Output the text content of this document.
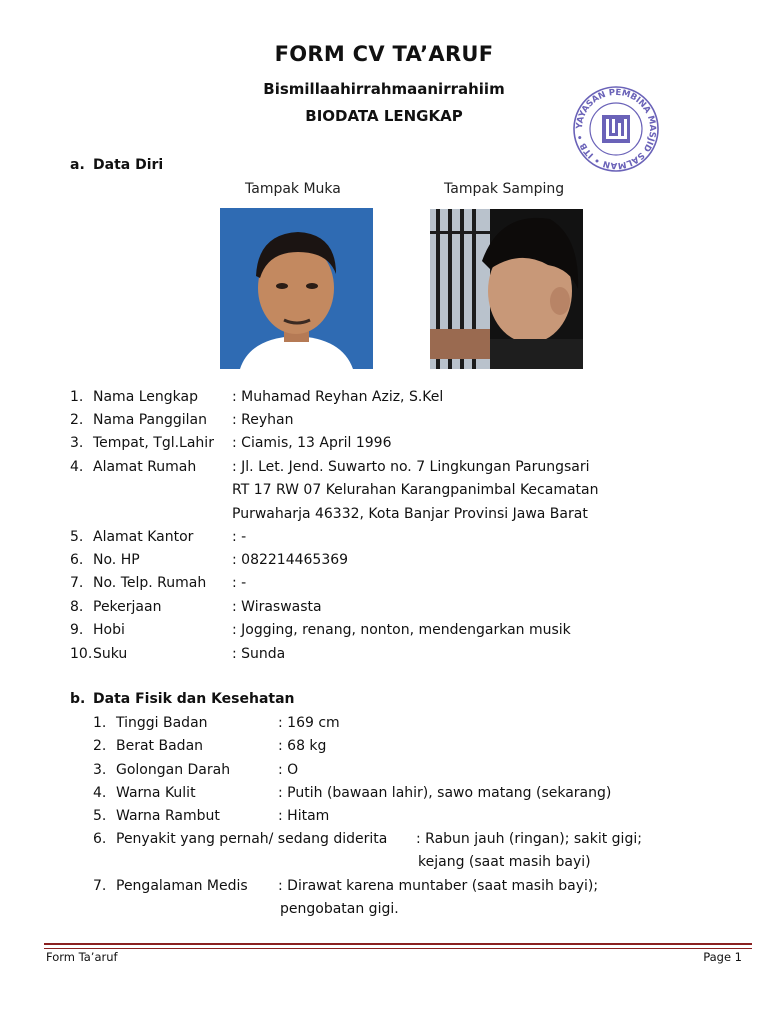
FORM CV TA’ARUF
Bismillaahirrahmaanirrahiim
BIODATA LENGKAP
YAYASAN PEMBINA MASJID SALMAN • ITB •
a. Data Diri
Tampak Muka	Tampak Samping
1. Nama Lengkap : Muhamad Reyhan Aziz, S.Kel
2. Nama Panggilan : Reyhan
3. Tempat, Tgl.Lahir : Ciamis, 13 April 1996
4. Alamat Rumah	: Jl. Let. Jend. Suwarto no. 7 Lingkungan Parungsari
RT 17 RW 07 Kelurahan Karangpanimbal Kecamatan
Purwaharja 46332, Kota Banjar Provinsi Jawa Barat
5. Alamat Kantor	: -
6. No. HP	: 082214465369
7. No. Telp. Rumah : -
8. Pekerjaan	: Wiraswasta
9. Hobi	: Jogging, renang, nonton, mendengarkan musik
10. Suku	: Sunda
b. Data Fisik dan Kesehatan
1. Tinggi Badan	: 169 cm
2. Berat Badan	: 68 kg
3. Golongan Darah	: O
4. Warna Kulit	: Putih (bawaan lahir), sawo matang (sekarang)
5. Warna Rambut	: Hitam
6. Penyakit yang pernah/ sedang diderita : Rabun jauh (ringan); sakit gigi;
kejang (saat masih bayi)
7. Pengalaman Medis : Dirawat karena muntaber (saat masih bayi);
pengobatan gigi.
Form Ta’aruf	Page 1
